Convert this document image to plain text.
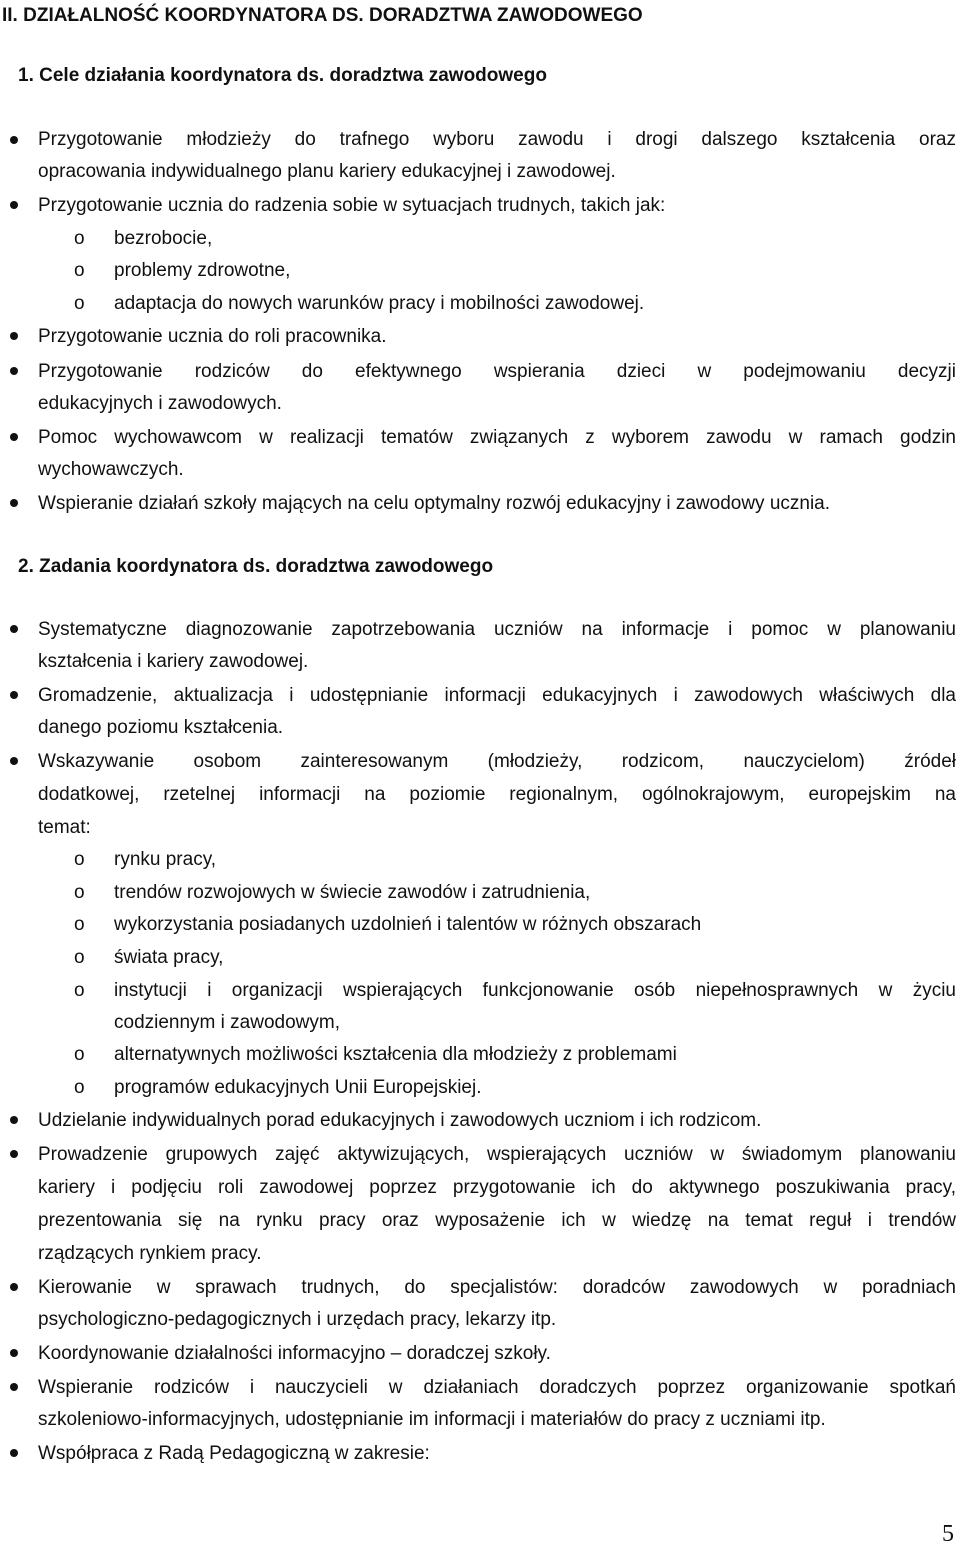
II. DZIAŁALNOŚĆ KOORDYNATORA DS. DORADZTWA ZAWODOWEGO
1. Cele działania koordynatora ds. doradztwa zawodowego
Przygotowanie młodzieży do trafnego wyboru zawodu i drogi dalszego kształcenia oraz
opracowania indywidualnego planu kariery edukacyjnej i zawodowej.
Przygotowanie ucznia do radzenia sobie w sytuacjach trudnych, takich jak:
o bezrobocie,
o problemy zdrowotne,
o adaptacja do nowych warunków pracy i mobilności zawodowej.
Przygotowanie ucznia do roli pracownika.
Przygotowanie rodziców do efektywnego wspierania dzieci w podejmowaniu decyzji
edukacyjnych i zawodowych.
Pomoc wychowawcom w realizacji tematów związanych z wyborem zawodu w ramach godzin
wychowawczych.
Wspieranie działań szkoły mających na celu optymalny rozwój edukacyjny i zawodowy ucznia.
2. Zadania koordynatora ds. doradztwa zawodowego
Systematyczne diagnozowanie zapotrzebowania uczniów na informacje i pomoc w planowaniu
kształcenia i kariery zawodowej.
Gromadzenie, aktualizacja i udostępnianie informacji edukacyjnych i zawodowych właściwych dla
danego poziomu kształcenia.
Wskazywanie osobom zainteresowanym (młodzieży, rodzicom, nauczycielom) źródeł
dodatkowej, rzetelnej informacji na poziomie regionalnym, ogólnokrajowym, europejskim na
temat:
o rynku pracy,
o trendów rozwojowych w świecie zawodów i zatrudnienia,
o wykorzystania posiadanych uzdolnień i talentów w różnych obszarach
o świata pracy,
o instytucji i organizacji wspierających funkcjonowanie osób niepełnosprawnych w życiu
codziennym i zawodowym,
o alternatywnych możliwości kształcenia dla młodzieży z problemami
o programów edukacyjnych Unii Europejskiej.
Udzielanie indywidualnych porad edukacyjnych i zawodowych uczniom i ich rodzicom.
Prowadzenie grupowych zajęć aktywizujących, wspierających uczniów w świadomym planowaniu
kariery i podjęciu roli zawodowej poprzez przygotowanie ich do aktywnego poszukiwania pracy,
prezentowania się na rynku pracy oraz wyposażenie ich w wiedzę na temat reguł i trendów
rządzących rynkiem pracy.
Kierowanie w sprawach trudnych, do specjalistów: doradców zawodowych w poradniach
psychologiczno-pedagogicznych i urzędach pracy, lekarzy itp.
Koordynowanie działalności informacyjno – doradczej szkoły.
Wspieranie rodziców i nauczycieli w działaniach doradczych poprzez organizowanie spotkań
szkoleniowo-informacyjnych, udostępnianie im informacji i materiałów do pracy z uczniami itp.
Współpraca z Radą Pedagogiczną w zakresie:
5
